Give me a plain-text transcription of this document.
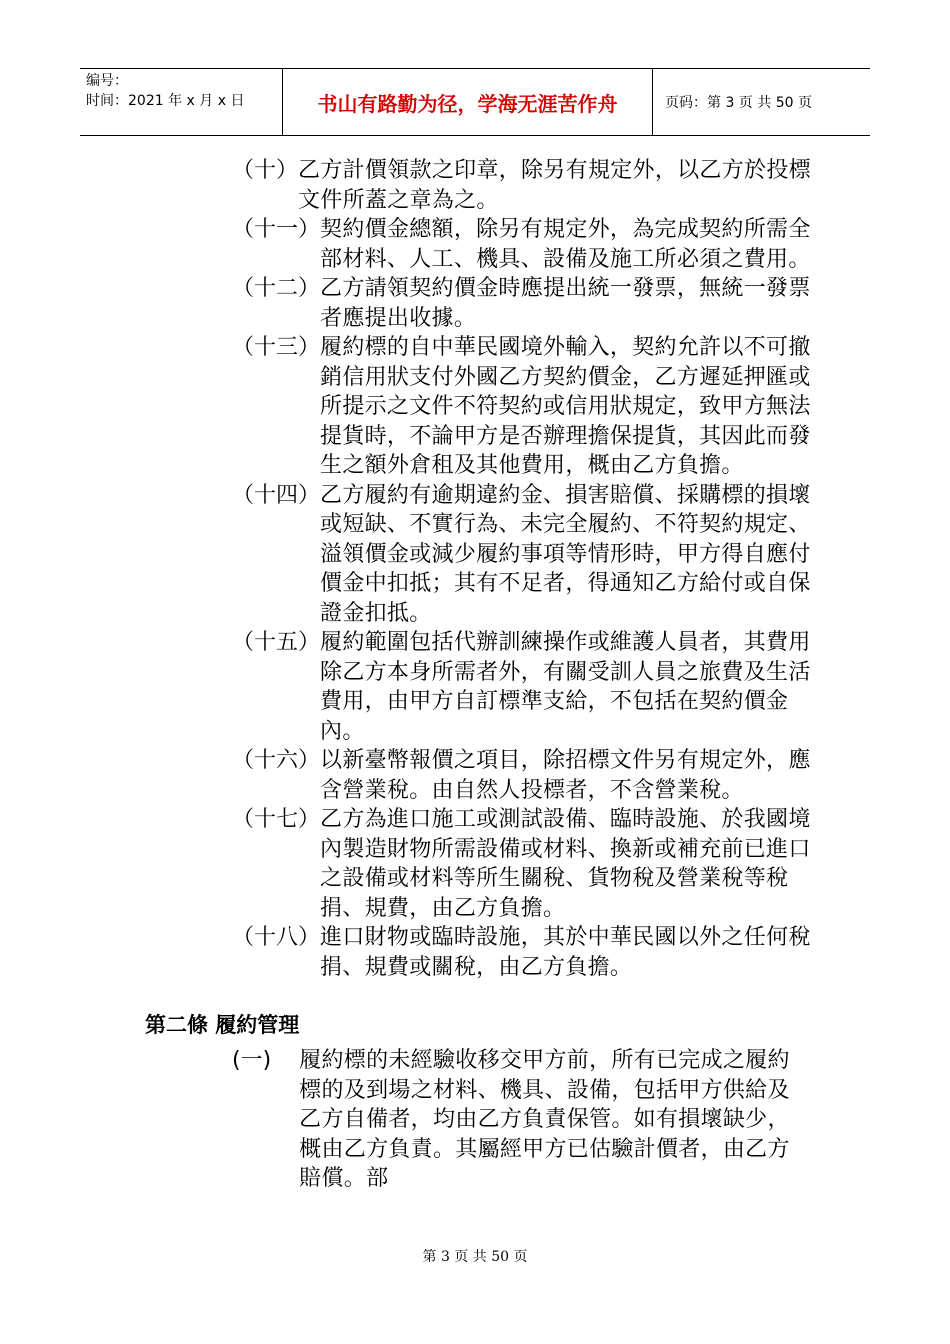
编号：
时间：2021 年 x 月 x 日	书山有路勤为径，学海无涯苦作舟	页码：第 3 页 共 50 页
（十） 乙方計價領款之印章，除另有規定外，以乙方於投標文件所蓋之章為之。
（十一） 契約價金總額，除另有規定外，為完成契約所需全部材料、人工、機具、設備及施工所必須之費用。
（十二） 乙方請領契約價金時應提出統一發票，無統一發票者應提出收據。
（十三） 履約標的自中華民國境外輸入，契約允許以不可撤銷信用狀支付外國乙方契約價金，乙方遲延押匯或所提示之文件不符契約或信用狀規定，致甲方無法提貨時，不論甲方是否辦理擔保提貨，其因此而發生之額外倉租及其他費用，概由乙方負擔。
（十四） 乙方履約有逾期違約金、損害賠償、採購標的損壞或短缺、不實行為、未完全履約、不符契約規定、溢領價金或減少履約事項等情形時，甲方得自應付價金中扣抵；其有不足者，得通知乙方給付或自保證金扣抵。
（十五） 履約範圍包括代辦訓練操作或維護人員者，其費用除乙方本身所需者外，有關受訓人員之旅費及生活費用，由甲方自訂標準支給，不包括在契約價金內。
（十六） 以新臺幣報價之項目，除招標文件另有規定外，應含營業稅。由自然人投標者，不含營業稅。
（十七） 乙方為進口施工或測試設備、臨時設施、於我國境內製造財物所需設備或材料、換新或補充前已進口之設備或材料等所生關稅、貨物稅及營業稅等稅捐、規費，由乙方負擔。
（十八） 進口財物或臨時設施，其於中華民國以外之任何稅捐、規費或關稅，由乙方負擔。
第二條 履約管理
(一)	履約標的未經驗收移交甲方前，所有已完成之履約標的及到場之材料、機具、設備，包括甲方供給及乙方自備者，均由乙方負責保管。如有損壞缺少，概由乙方負責。其屬經甲方已估驗計價者，由乙方賠償。部
第 3 页 共 50 页
